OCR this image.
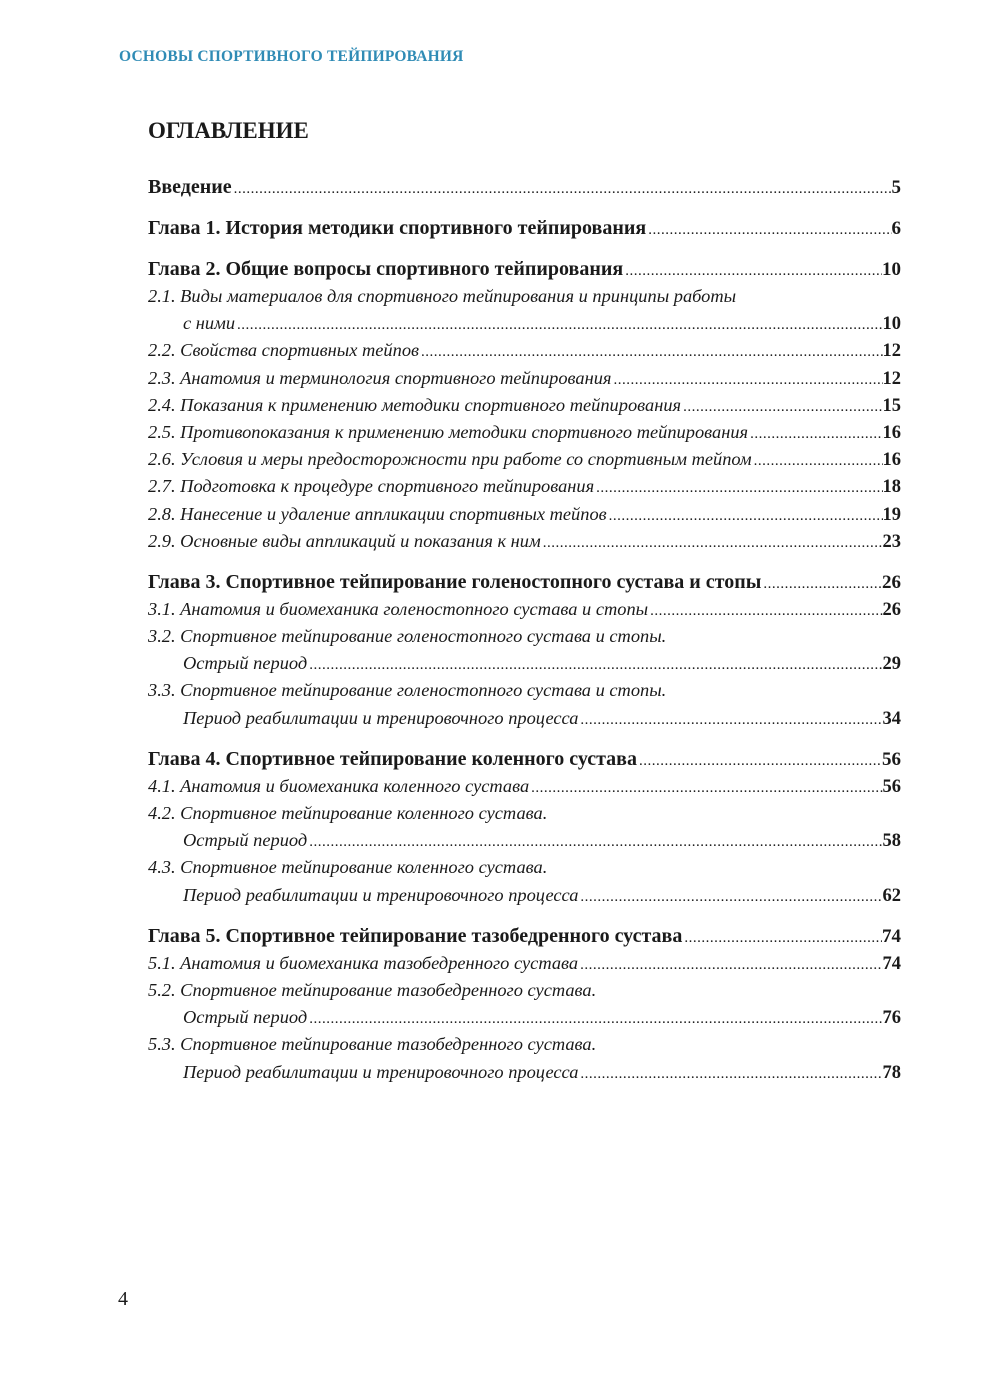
ОСНОВЫ СПОРТИВНОГО ТЕЙПИРОВАНИЯ
ОГЛАВЛЕНИЕ
Введение .....	5
Глава 1. История методики спортивного тейпирования .....	6
Глава 2. Общие вопросы спортивного тейпирования .....	10
2.1. Виды материалов для спортивного тейпирования и принципы работы
с ними .....	10
2.2. Свойства спортивных тейпов .....	12
2.3. Анатомия и терминология спортивного тейпирования .....	12
2.4. Показания к применению методики спортивного тейпирования .....	15
2.5. Противопоказания к применению методики спортивного тейпирования .....	16
2.6. Условия и меры предосторожности при работе со спортивным тейпом .....	16
2.7. Подготовка к процедуре спортивного тейпирования .....	18
2.8. Нанесение и удаление аппликации спортивных тейпов .....	19
2.9. Основные виды аппликаций и показания к ним .....	23
Глава 3. Спортивное тейпирование голеностопного сустава и стопы .....	26
3.1. Анатомия и биомеханика голеностопного сустава и стопы .....	26
3.2. Спортивное тейпирование голеностопного сустава и стопы.
Острый период .....	29
3.3. Спортивное тейпирование голеностопного сустава и стопы.
Период реабилитации и тренировочного процесса .....	34
Глава 4. Спортивное тейпирование коленного сустава .....	56
4.1. Анатомия и биомеханика коленного сустава .....	56
4.2. Спортивное тейпирование коленного сустава.
Острый период .....	58
4.3. Спортивное тейпирование коленного сустава.
Период реабилитации и тренировочного процесса .....	62
Глава 5. Спортивное тейпирование тазобедренного сустава .....	74
5.1. Анатомия и биомеханика тазобедренного сустава .....	74
5.2. Спортивное тейпирование тазобедренного сустава.
Острый период .....	76
5.3. Спортивное тейпирование тазобедренного сустава.
Период реабилитации и тренировочного процесса .....	78
4
